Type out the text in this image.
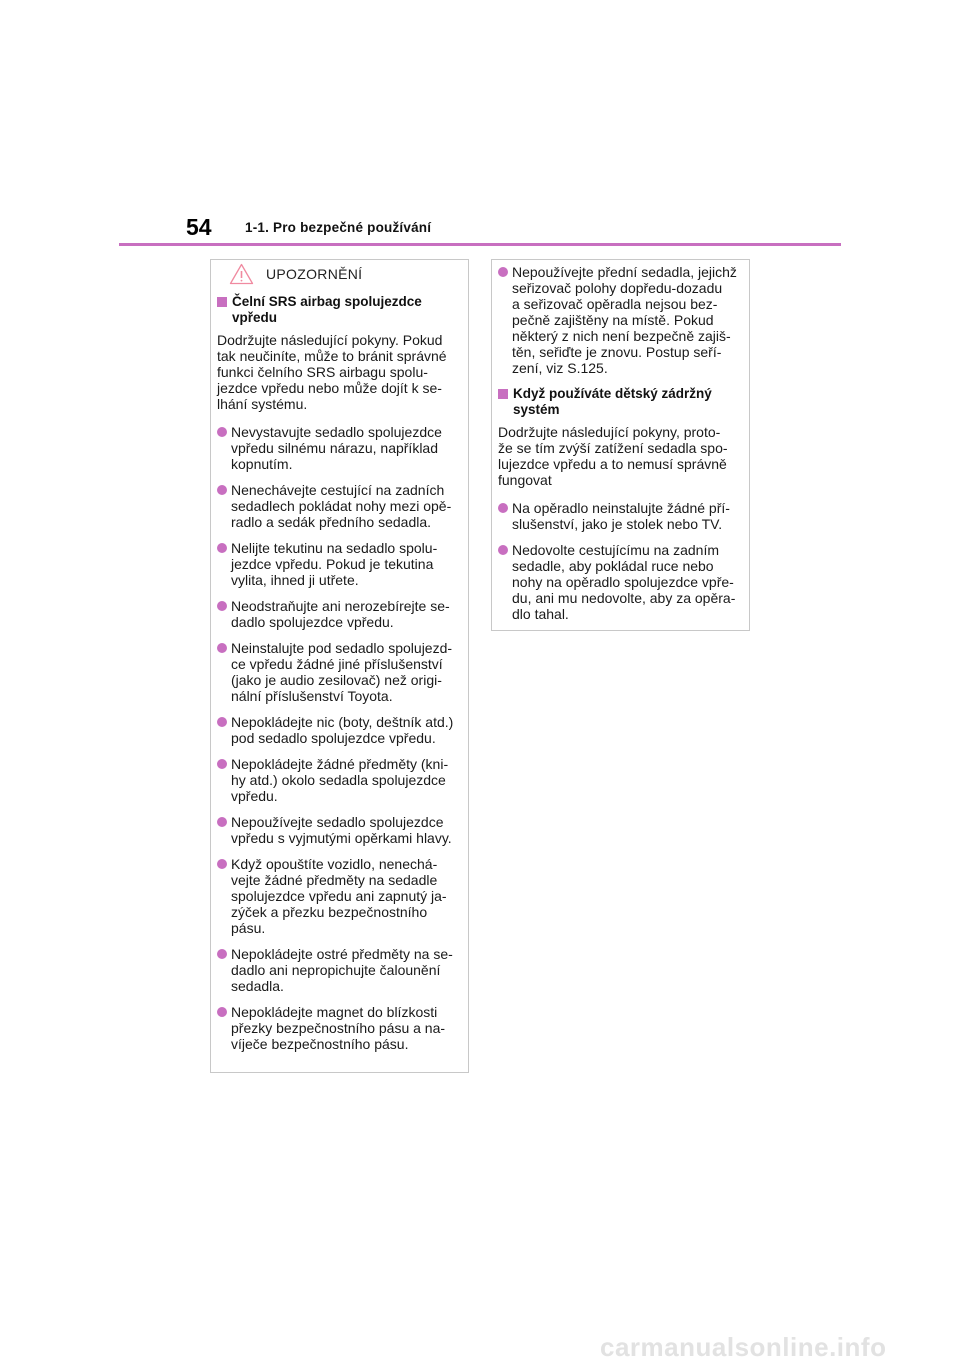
54 1-1. Pro bezpečné používání
UPOZORNĚNÍ
Čelní SRS airbag spolujezdce
vpředu
Dodržujte následující pokyny. Pokud
tak neučiníte, může to bránit správné
funkci čelního SRS airbagu spolu-
jezdce vpředu nebo může dojít k se-
lhání systému.
Nevystavujte sedadlo spolujezdce
vpředu silnému nárazu, například
kopnutím.
Nenechávejte cestující na zadních
sedadlech pokládat nohy mezi opě-
radlo a sedák předního sedadla.
Nelijte tekutinu na sedadlo spolu-
jezdce vpředu. Pokud je tekutina
vylita, ihned ji utřete.
Neodstraňujte ani nerozebírejte se-
dadlo spolujezdce vpředu.
Neinstalujte pod sedadlo spolujezd-
ce vpředu žádné jiné příslušenství
(jako je audio zesilovač) než origi-
nální příslušenství Toyota.
Nepokládejte nic (boty, deštník atd.)
pod sedadlo spolujezdce vpředu.
Nepokládejte žádné předměty (kni-
hy atd.) okolo sedadla spolujezdce
vpředu.
Nepoužívejte sedadlo spolujezdce
vpředu s vyjmutými opěrkami hlavy.
Když opouštíte vozidlo, nenechá-
vejte žádné předměty na sedadle
spolujezdce vpředu ani zapnutý ja-
zýček a přezku bezpečnostního
pásu.
Nepokládejte ostré předměty na se-
dadlo ani nepropichujte čalounění
sedadla.
Nepokládejte magnet do blízkosti
přezky bezpečnostního pásu a na-
víječe bezpečnostního pásu.
Nepoužívejte přední sedadla, jejichž
seřizovač polohy dopředu-dozadu
a seřizovač opěradla nejsou bez-
pečně zajištěny na místě. Pokud
některý z nich není bezpečně zajiš-
těn, seřiďte je znovu. Postup seří-
zení, viz S.125.
Když používáte dětský zádržný
systém
Dodržujte následující pokyny, proto-
že se tím zvýší zatížení sedadla spo-
lujezdce vpředu a to nemusí správně
fungovat
Na opěradlo neinstalujte žádné pří-
slušenství, jako je stolek nebo TV.
Nedovolte cestujícímu na zadním
sedadle, aby pokládal ruce nebo
nohy na opěradlo spolujezdce vpře-
du, ani mu nedovolte, aby za opěra-
dlo tahal.
carmanualsonline.info
